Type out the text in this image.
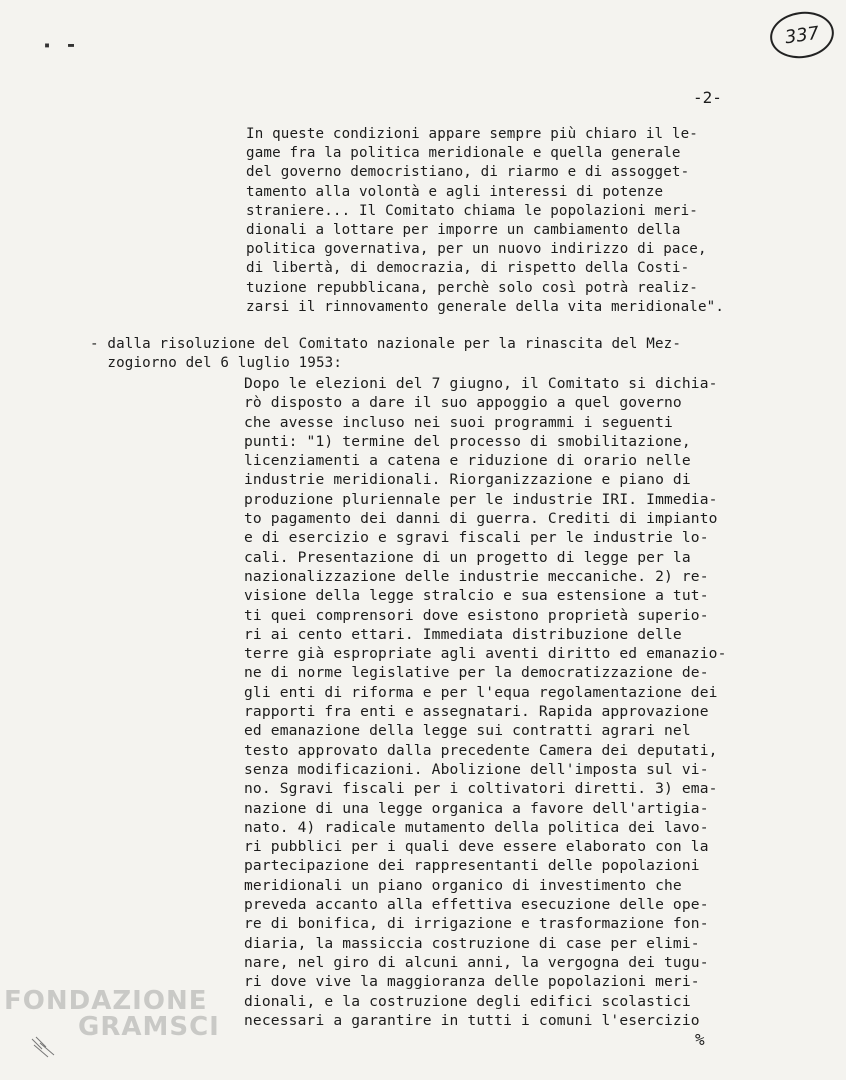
▪ ▬	337
-2-
In queste condizioni appare sempre più chiaro il le-
game fra la politica meridionale e quella generale
del governo democristiano, di riarmo e di assogget-
tamento alla volontà e agli interessi di potenze
straniere... Il Comitato chiama le popolazioni meri-
dionali a lottare per imporre un cambiamento della
politica governativa, per un nuovo indirizzo di pace,
di libertà, di democrazia, di rispetto della Costi-
tuzione repubblicana, perchè solo così potrà realiz-
zarsi il rinnovamento generale della vita meridionale".
- dalla risoluzione del Comitato nazionale per la rinascita del Mez-
zogiorno del 6 luglio 1953:
Dopo le elezioni del 7 giugno, il Comitato si dichia-
rò disposto a dare il suo appoggio a quel governo
che avesse incluso nei suoi programmi i seguenti
punti: "1) termine del processo di smobilitazione,
licenziamenti a catena e riduzione di orario nelle
industrie meridionali. Riorganizzazione e piano di
produzione pluriennale per le industrie IRI. Immedia-
to pagamento dei danni di guerra. Crediti di impianto
e di esercizio e sgravi fiscali per le industrie lo-
cali. Presentazione di un progetto di legge per la
nazionalizzazione delle industrie meccaniche. 2) re-
visione della legge stralcio e sua estensione a tut-
ti quei comprensori dove esistono proprietà superio-
ri ai cento ettari. Immediata distribuzione delle
terre già espropriate agli aventi diritto ed emanazio-
ne di norme legislative per la democratizzazione de-
gli enti di riforma e per l'equa regolamentazione dei
rapporti fra enti e assegnatari. Rapida approvazione
ed emanazione della legge sui contratti agrari nel
testo approvato dalla precedente Camera dei deputati,
senza modificazioni. Abolizione dell'imposta sul vi-
no. Sgravi fiscali per i coltivatori diretti. 3) ema-
nazione di una legge organica a favore dell'artigia-
nato. 4) radicale mutamento della politica dei lavo-
ri pubblici per i quali deve essere elaborato con la
partecipazione dei rappresentanti delle popolazioni
meridionali un piano organico di investimento che
preveda accanto alla effettiva esecuzione delle ope-
re di bonifica, di irrigazione e trasformazione fon-
diaria, la massiccia costruzione di case per elimi-
nare, nel giro di alcuni anni, la vergogna dei tugu-
ri dove vive la maggioranza delle popolazioni meri-
dionali, e la costruzione degli edifici scolastici
necessari a garantire in tutti i comuni l'esercizio
FONDAZIONE
GRAMSCI	%
